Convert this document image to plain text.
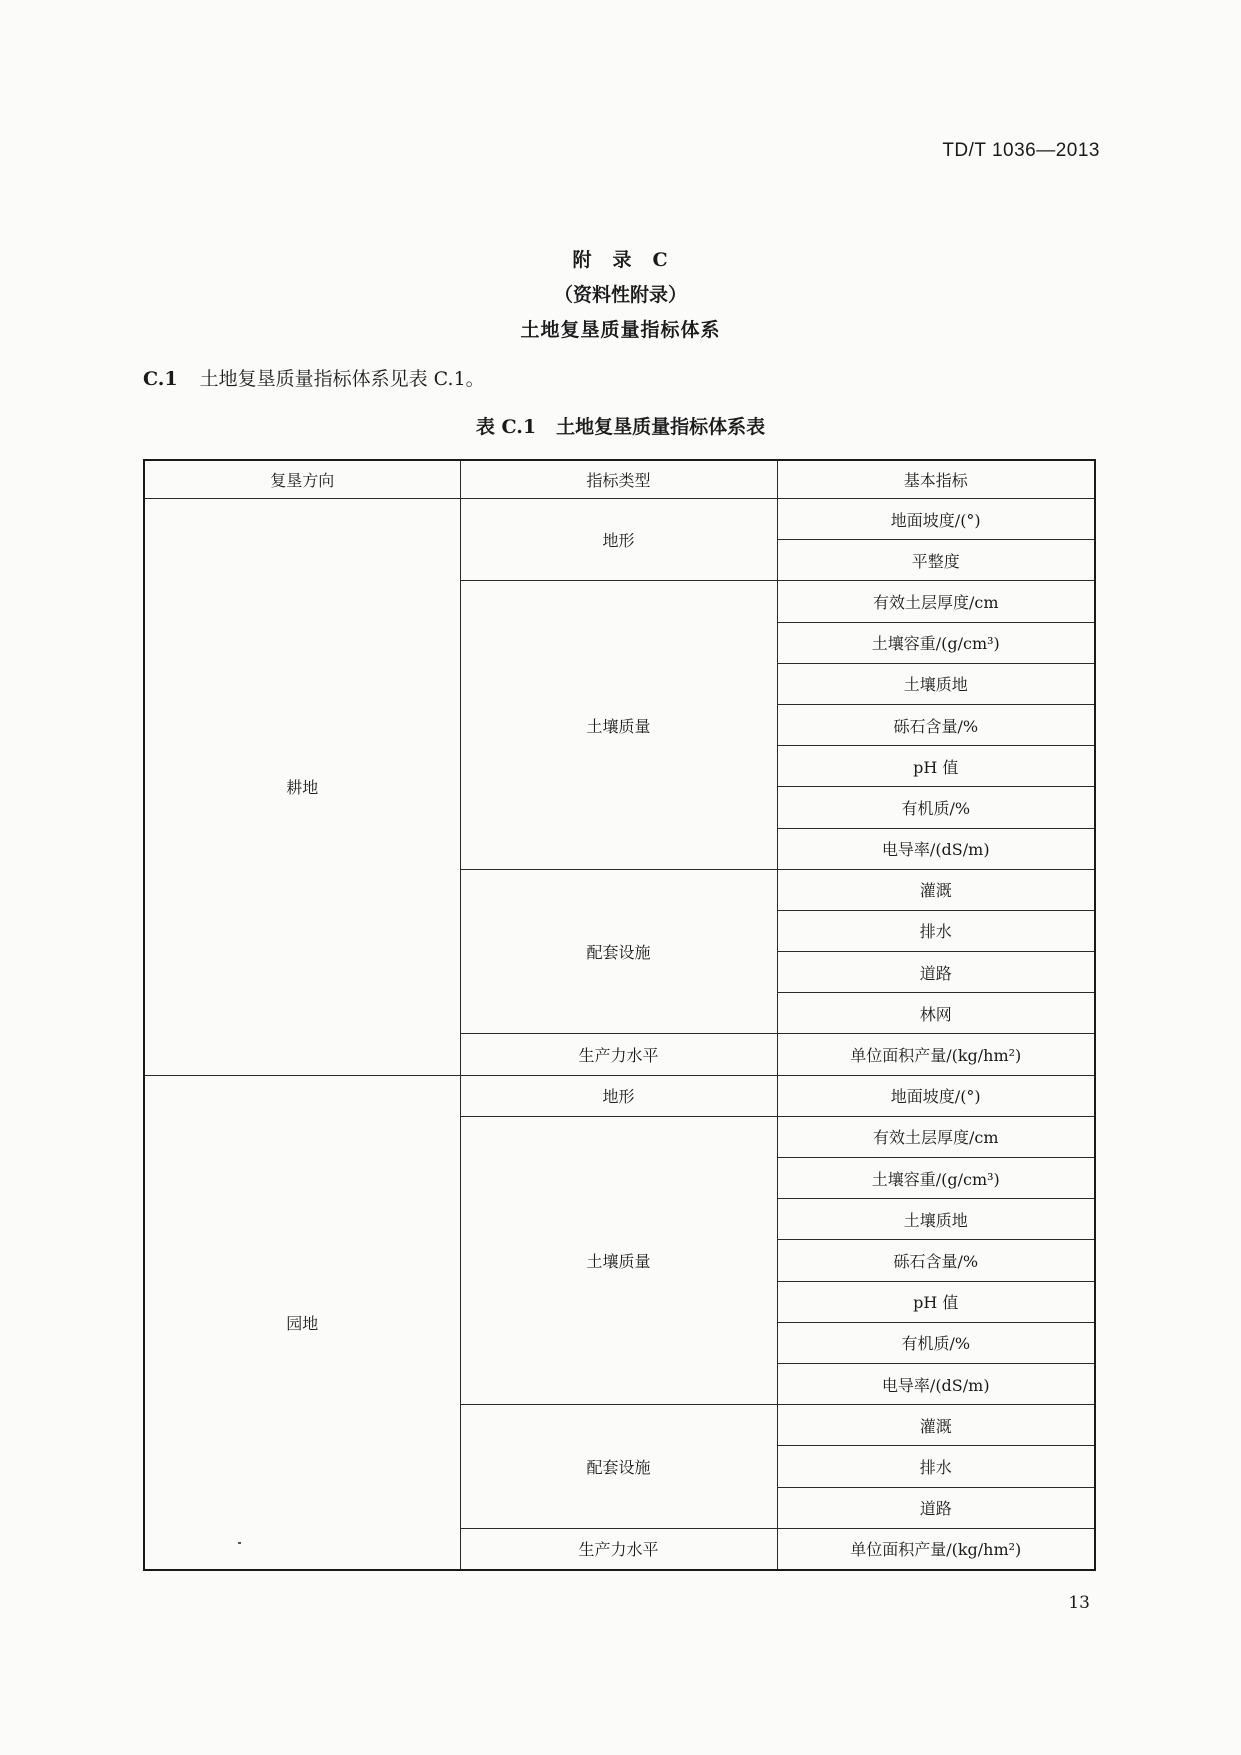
TD/T 1036—2013
附　录　C
（资料性附录）
土地复垦质量指标体系
C.1 土地复垦质量指标体系见表 C.1。
表 C.1 土地复垦质量指标体系表
复垦方向	指标类型	基本指标
耕地	地形	地面坡度/(°)
		平整度
	土壤质量	有效土层厚度/cm
		土壤容重/(g/cm³)
		土壤质地
		砾石含量/%
		pH 值
		有机质/%
		电导率/(dS/m)
	配套设施	灌溉
		排水
		道路
		林网
	生产力水平	单位面积产量/(kg/hm²)
园地	地形	地面坡度/(°)
	土壤质量	有效土层厚度/cm
		土壤容重/(g/cm³)
		土壤质地
		砾石含量/%
		pH 值
		有机质/%
		电导率/(dS/m)
	配套设施	灌溉
		排水
		道路
	生产力水平	单位面积产量/(kg/hm²)
13
